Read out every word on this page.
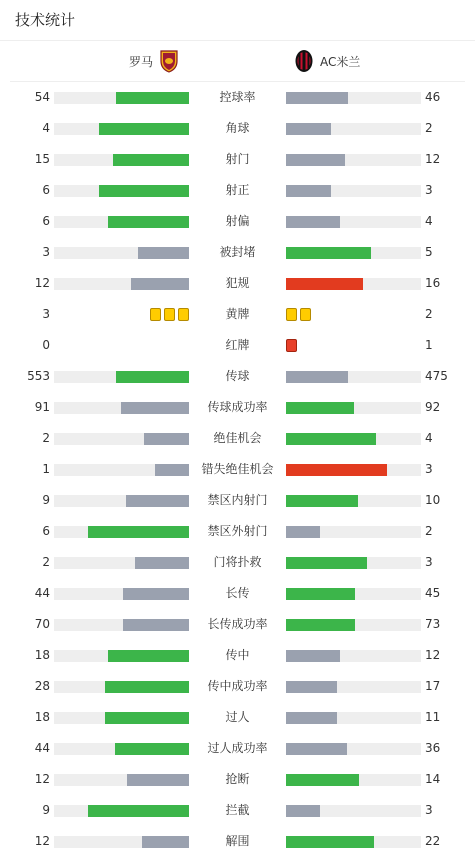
技术统计
罗马	AC米兰
54	控球率	46
4	角球	2
15	射门	12
6	射正	3
6	射偏	4
3	被封堵	5
12	犯规	16
3	黄牌	2
0	红牌	1
553	传球	475
91	传球成功率	92
2	绝佳机会	4
1	错失绝佳机会	3
9	禁区内射门	10
6	禁区外射门	2
2	门将扑救	3
44	长传	45
70	长传成功率	73
18	传中	12
28	传中成功率	17
18	过人	11
44	过人成功率	36
12	抢断	14
9	拦截	3
12	解围	22
